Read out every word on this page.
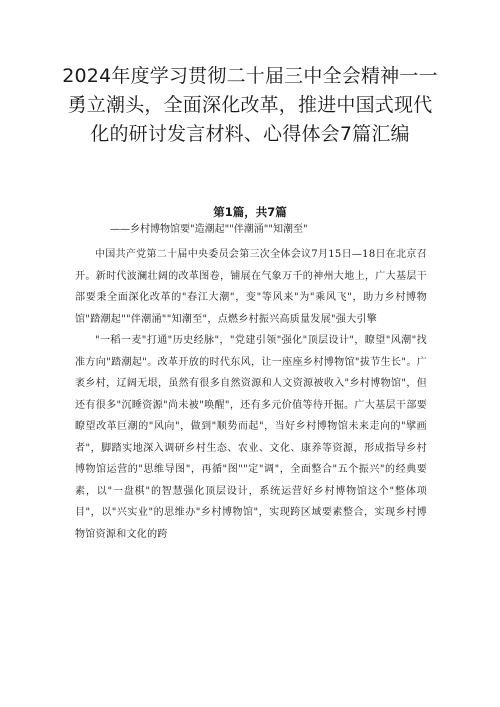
2024年度学习贯彻二十届三中全会精神一一勇立潮头，全面深化改革，推进中国式现代化的研讨发言材料、心得体会7篇汇编
第1篇，共7篇
——乡村博物馆要"造潮起""伴潮涌""知潮至"

中国共产党第二十届中央委员会第三次全体会议7月15日—18日在北京召开。新时代波澜壮阔的改革图卷，铺展在气象万千的神州大地上，广大基层干部要秉全面深化改革的"春江大潮"，变"等风来"为"乘风飞"，助力乡村博物馆"踏潮起""伴潮涌""知潮至"，点燃乡村振兴高质量发展"强大引擎

"一稻一麦"打通"历史经脉"，"党建引领"强化"顶层设计"，瞭望"风潮"找准方向"踏潮起"。改革开放的时代东风，让一座座乡村博物馆"拔节生长"。广袤乡村，辽阔无垠，虽然有很多自然资源和人文资源被收入"乡村博物馆"，但还有很多"沉睡资源"尚未被"唤醒"，还有多元价值等待开掘。广大基层干部要瞭望改革巨潮的"风向"，做到"顺势而起"，当好乡村博物馆未来走向的"擘画者"，脚踏实地深入调研乡村生态、农业、文化、康养等资源，形成指导乡村博物馆运营的"思维导图"，再循"图""定"调"，全面整合"五个振兴"的经典要素，以"一盘棋"的智慧强化顶层设计，系统运营好乡村博物馆这个"整体项目"，以"兴实业"的思维办"乡村博物馆"，实现跨区域要素整合，实现乡村博物馆资源和文化的跨
